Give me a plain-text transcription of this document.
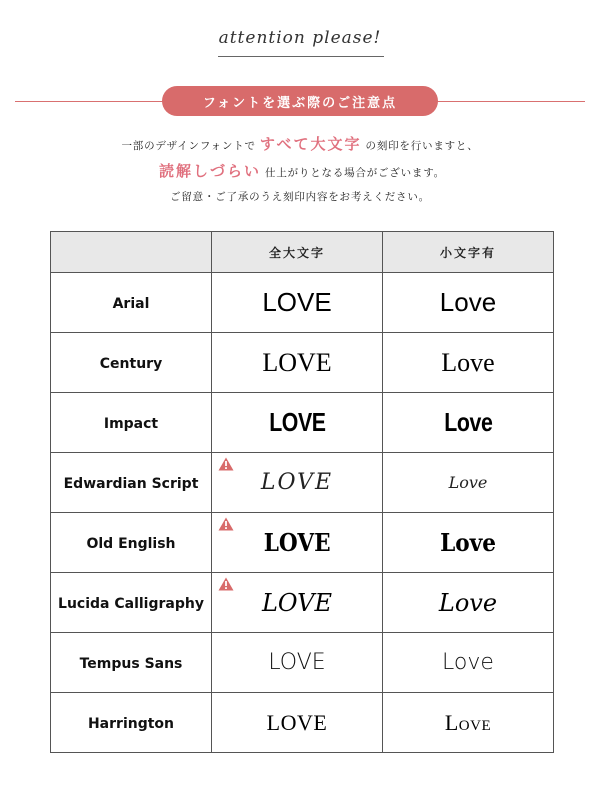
attention please!
フォントを選ぶ際のご注意点
一部のデザインフォントで すべて大文字 の刻印を行いますと、
読解しづらい 仕上がりとなる場合がございます。
ご留意・ご了承のうえ刻印内容をお考えください。
	全大文字	小文字有
Arial	LOVE	Love
Century	LOVE	Love
Impact	LOVE	Love
Edwardian Script	LOVE	Love
Old English	LOVE	Love
Lucida Calligraphy	LOVE	Love
Tempus Sans	LOVE	Love
Harrington	LOVE	Love
